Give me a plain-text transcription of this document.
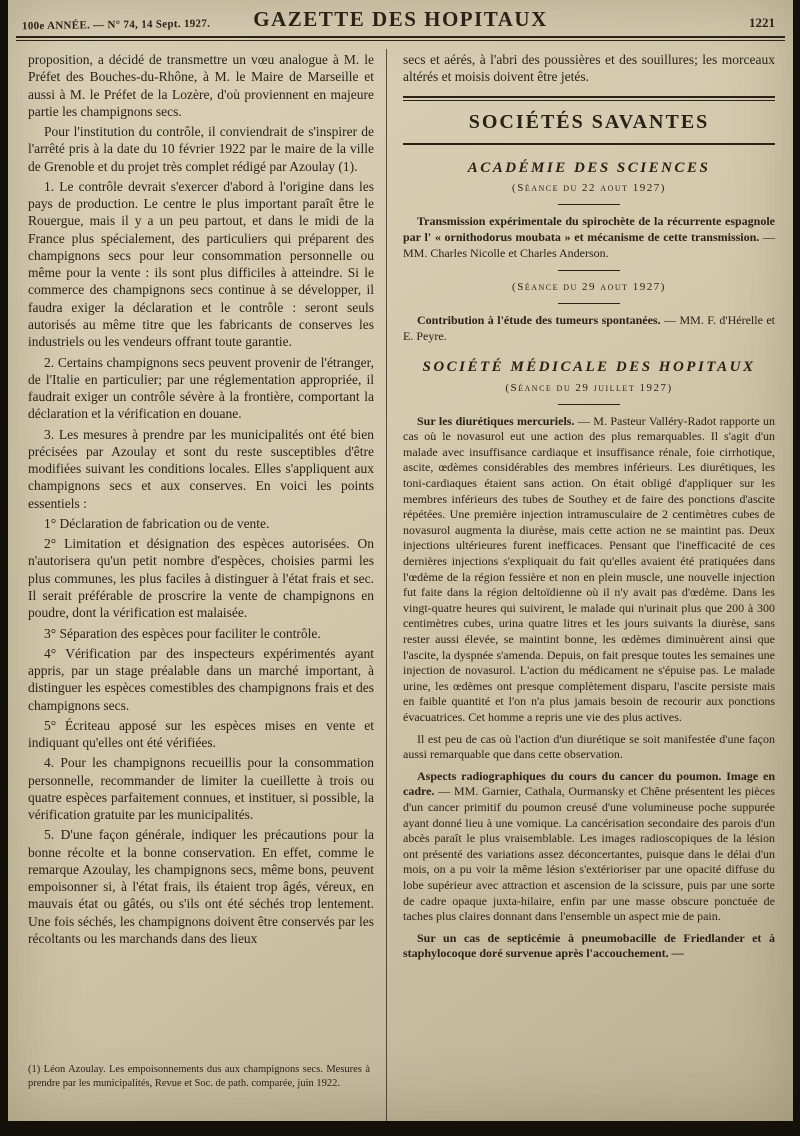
100e ANNÉE. — N° 74, 14 Sept. 1927. GAZETTE DES HOPITAUX	1221

proposition, a décidé de transmettre un vœu analogue à M. le Préfet des Bouches-du-Rhône, à M. le Maire de Marseille et aussi à M. le Préfet de la Lozère, d'où proviennent en majeure partie les champignons secs.

Pour l'institution du contrôle, il conviendrait de s'inspirer de l'arrêté pris à la date du 10 février 1922 par le maire de la ville de Grenoble et du projet très complet rédigé par Azoulay (1).

1. Le contrôle devrait s'exercer d'abord à l'origine dans les pays de production. Le centre le plus important paraît être le Rouergue, mais il y a un peu partout, et dans le midi de la France plus spécialement, des particuliers qui préparent des champignons secs pour leur consommation personnelle ou même pour la vente : ils sont plus difficiles à atteindre. Si le commerce des champignons secs continue à se développer, il faudra exiger la déclaration et le contrôle : seront seuls autorisés au même titre que les fabricants de conserves les industriels ou les vendeurs offrant toute garantie.

2. Certains champignons secs peuvent provenir de l'étranger, de l'Italie en particulier; par une réglementation appropriée, il faudrait exiger un contrôle sévère à la frontière, comportant la déclaration et la vérification en douane.

3. Les mesures à prendre par les municipalités ont été bien précisées par Azoulay et sont du reste susceptibles d'être modifiées suivant les conditions locales. Elles s'appliquent aux champignons secs et aux conserves. En voici les points essentiels :

1° Déclaration de fabrication ou de vente.

2° Limitation et désignation des espèces autorisées. On n'autorisera qu'un petit nombre d'espèces, choisies parmi les plus communes, les plus faciles à distinguer à l'état frais et sec. Il serait préférable de proscrire la vente de champignons en poudre, dont la vérification est malaisée.

3° Séparation des espèces pour faciliter le contrôle.

4° Vérification par des inspecteurs expérimentés ayant appris, par un stage préalable dans un marché important, à distinguer les espèces comestibles des champignons frais et des champignons secs.

5° Écriteau apposé sur les espèces mises en vente et indiquant qu'elles ont été vérifiées.

4. Pour les champignons recueillis pour la consommation personnelle, recommander de limiter la cueillette à trois ou quatre espèces parfaitement connues, et instituer, si possible, la vérification gratuite par les municipalités.

5. D'une façon générale, indiquer les précautions pour la bonne récolte et la bonne conservation. En effet, comme le remarque Azoulay, les champignons secs, même bons, peuvent empoisonner si, à l'état frais, ils étaient trop âgés, véreux, en mauvais état ou gâtés, ou s'ils ont été séchés trop lentement. Une fois séchés, les champignons doivent être conservés par les récoltants ou les marchands dans des lieux

(1) Léon Azoulay. Les empoisonnements dus aux champignons secs. Mesures à prendre par les municipalités, Revue et Soc. de path. comparée, juin 1922.

secs et aérés, à l'abri des poussières et des souillures; les morceaux altérés et moisis doivent être jetés.

SOCIÉTÉS SAVANTES
ACADÉMIE DES SCIENCES
(Séance du 22 aout 1927)

Transmission expérimentale du spirochète de la récurrente espagnole par l' « ornithodorus moubata » et mécanisme de cette transmission. — MM. Charles Nicolle et Charles Anderson.

(Séance du 29 aout 1927)

Contribution à l'étude des tumeurs spontanées. — MM. F. d'Hérelle et E. Peyre.

SOCIÉTÉ MÉDICALE DES HOPITAUX
(Séance du 29 juillet 1927)

Sur les diurétiques mercuriels. — M. Pasteur Valléry-Radot rapporte un cas où le novasurol eut une action des plus remarquables. Il s'agit d'un malade avec insuffisance cardiaque et insuffisance rénale, foie cirrhotique, ascite, œdèmes considérables des membres inférieurs. Les diurétiques, les toni-cardiaques étaient sans action. On était obligé d'appliquer sur les membres inférieurs des tubes de Southey et de faire des ponctions d'ascite répétées. Une première injection intramusculaire de 2 centimètres cubes de novasurol augmenta la diurèse, mais cette action ne se maintint pas. Deux injections ultérieures furent inefficaces. Pensant que l'inefficacité de ces dernières injections s'expliquait du fait qu'elles avaient été pratiquées dans l'œdème de la région fessière et non en plein muscle, une nouvelle injection fut faite dans la région deltoïdienne où il n'y avait pas d'œdème. Dans les vingt-quatre heures qui suivirent, le malade qui n'urinait plus que 200 à 300 centimètres cubes, urina quatre litres et les jours suivants la diurèse, sans rester aussi élevée, se maintint bonne, les œdèmes diminuèrent ainsi que l'ascite, la dyspnée s'amenda. Depuis, on fait presque toutes les semaines une injection de novasurol. L'action du médicament ne s'épuise pas. Le malade urine, les œdèmes ont presque complètement disparu, l'ascite persiste mais en faible quantité et l'on n'a plus jamais besoin de recourir aux ponctions évacuatrices. Cet homme a repris une vie des plus actives.

Il est peu de cas où l'action d'un diurétique se soit manifestée d'une façon aussi remarquable que dans cette observation.

Aspects radiographiques du cours du cancer du poumon. Image en cadre. — MM. Garnier, Cathala, Ourmansky et Chêne présentent les pièces d'un cancer primitif du poumon creusé d'une volumineuse poche suppurée ayant donné lieu à une vomique. La cancérisation secondaire des parois d'un abcès paraît le plus vraisemblable. Les images radioscopiques de la lésion ont présenté des variations assez déconcertantes, puisque dans le délai d'un mois, on a pu voir la même lésion s'extérioriser par une opacité diffuse du lobe supérieur avec attraction et ascension de la scissure, puis par une sorte de cadre opaque juxta-hilaire, enfin par une masse obscure ponctuée de taches plus claires donnant dans l'ensemble un aspect mie de pain.

Sur un cas de septicémie à pneumobacille de Friedlander et à staphylocoque doré survenue après l'accouchement. —
